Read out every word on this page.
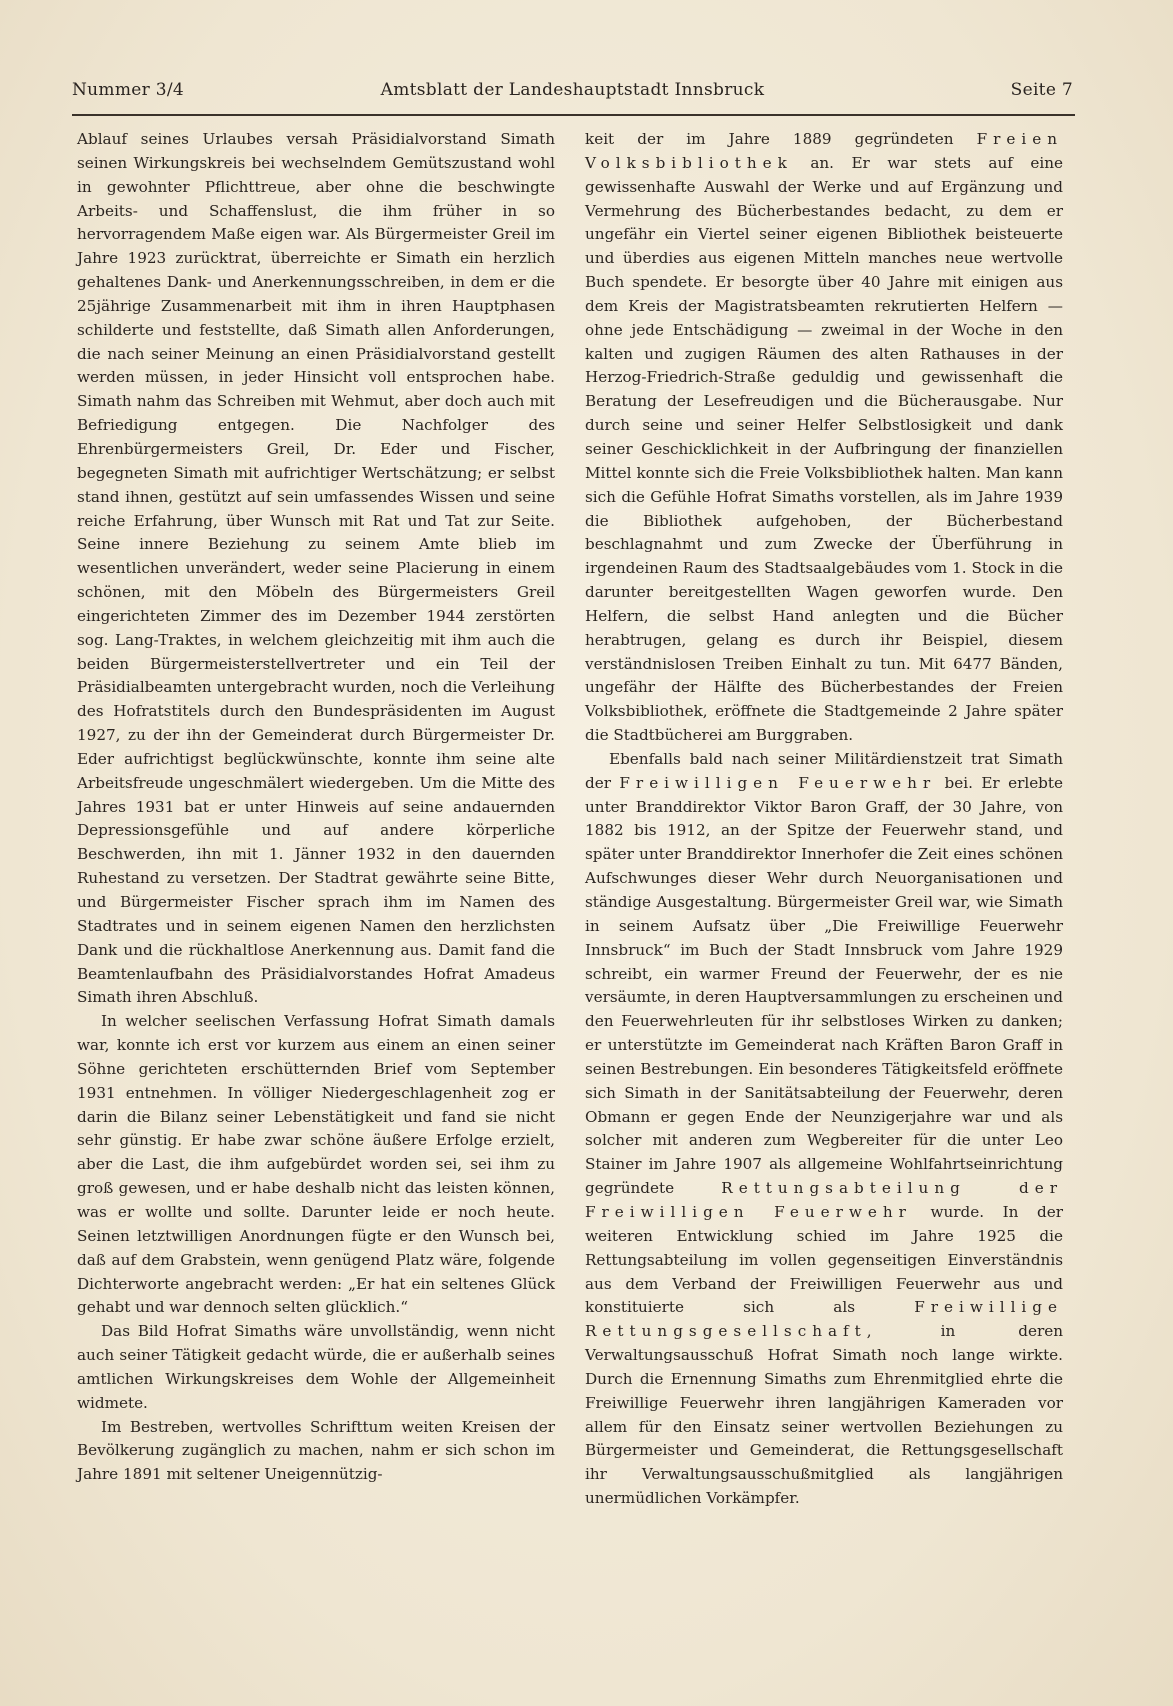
Nummer 3/4	Amtsblatt der Landeshauptstadt Innsbruck	Seite 7

Ablauf seines Urlaubes versah Präsidialvorstand Simath seinen Wirkungskreis bei wechselndem Gemütszustand wohl in gewohnter Pflichttreue, aber ohne die beschwingte Arbeits- und Schaffenslust, die ihm früher in so hervorragendem Maße eigen war. Als Bürgermeister Greil im Jahre 1923 zurücktrat, überreichte er Simath ein herzlich gehaltenes Dank- und Anerkennungsschreiben, in dem er die 25jährige Zusammenarbeit mit ihm in ihren Hauptphasen schilderte und feststellte, daß Simath allen Anforderungen, die nach seiner Meinung an einen Präsidialvorstand gestellt werden müssen, in jeder Hinsicht voll entsprochen habe. Simath nahm das Schreiben mit Wehmut, aber doch auch mit Befriedigung entgegen. Die Nachfolger des Ehrenbürgermeisters Greil, Dr. Eder und Fischer, begegneten Simath mit aufrichtiger Wertschätzung; er selbst stand ihnen, gestützt auf sein umfassendes Wissen und seine reiche Erfahrung, über Wunsch mit Rat und Tat zur Seite. Seine innere Beziehung zu seinem Amte blieb im wesentlichen unverändert, weder seine Placierung in einem schönen, mit den Möbeln des Bürgermeisters Greil eingerichteten Zimmer des im Dezember 1944 zerstörten sog. Lang-Traktes, in welchem gleichzeitig mit ihm auch die beiden Bürgermeisterstellvertreter und ein Teil der Präsidialbeamten untergebracht wurden, noch die Verleihung des Hofratstitels durch den Bundespräsidenten im August 1927, zu der ihn der Gemeinderat durch Bürgermeister Dr. Eder aufrichtigst beglückwünschte, konnte ihm seine alte Arbeitsfreude ungeschmälert wiedergeben. Um die Mitte des Jahres 1931 bat er unter Hinweis auf seine andauernden Depressionsgefühle und auf andere körperliche Beschwerden, ihn mit 1. Jänner 1932 in den dauernden Ruhestand zu versetzen. Der Stadtrat gewährte seine Bitte, und Bürgermeister Fischer sprach ihm im Namen des Stadtrates und in seinem eigenen Namen den herzlichsten Dank und die rückhaltlose Anerkennung aus. Damit fand die Beamtenlaufbahn des Präsidialvorstandes Hofrat Amadeus Simath ihren Abschluß.

In welcher seelischen Verfassung Hofrat Simath damals war, konnte ich erst vor kurzem aus einem an einen seiner Söhne gerichteten erschütternden Brief vom September 1931 entnehmen. In völliger Niedergeschlagenheit zog er darin die Bilanz seiner Lebenstätigkeit und fand sie nicht sehr günstig. Er habe zwar schöne äußere Erfolge erzielt, aber die Last, die ihm aufgebürdet worden sei, sei ihm zu groß gewesen, und er habe deshalb nicht das leisten können, was er wollte und sollte. Darunter leide er noch heute. Seinen letztwilligen Anordnungen fügte er den Wunsch bei, daß auf dem Grabstein, wenn genügend Platz wäre, folgende Dichterworte angebracht werden: „Er hat ein seltenes Glück gehabt und war dennoch selten glücklich.“

Das Bild Hofrat Simaths wäre unvollständig, wenn nicht auch seiner Tätigkeit gedacht würde, die er außerhalb seines amtlichen Wirkungskreises dem Wohle der Allgemeinheit widmete.

Im Bestreben, wertvolles Schrifttum weiten Kreisen der Bevölkerung zugänglich zu machen, nahm er sich schon im Jahre 1891 mit seltener Uneigennützig-

keit der im Jahre 1889 gegründeten Freien Volksbibliothek an. Er war stets auf eine gewissenhafte Auswahl der Werke und auf Ergänzung und Vermehrung des Bücherbestandes bedacht, zu dem er ungefähr ein Viertel seiner eigenen Bibliothek beisteuerte und überdies aus eigenen Mitteln manches neue wertvolle Buch spendete. Er besorgte über 40 Jahre mit einigen aus dem Kreis der Magistratsbeamten rekrutierten Helfern — ohne jede Entschädigung — zweimal in der Woche in den kalten und zugigen Räumen des alten Rathauses in der Herzog-Friedrich-Straße geduldig und gewissenhaft die Beratung der Lesefreudigen und die Bücherausgabe. Nur durch seine und seiner Helfer Selbstlosigkeit und dank seiner Geschicklichkeit in der Aufbringung der finanziellen Mittel konnte sich die Freie Volksbibliothek halten. Man kann sich die Gefühle Hofrat Simaths vorstellen, als im Jahre 1939 die Bibliothek aufgehoben, der Bücherbestand beschlagnahmt und zum Zwecke der Überführung in irgendeinen Raum des Stadtsaalgebäudes vom 1. Stock in die darunter bereitgestellten Wagen geworfen wurde. Den Helfern, die selbst Hand anlegten und die Bücher herabtrugen, gelang es durch ihr Beispiel, diesem verständnislosen Treiben Einhalt zu tun. Mit 6477 Bänden, ungefähr der Hälfte des Bücherbestandes der Freien Volksbibliothek, eröffnete die Stadtgemeinde 2 Jahre später die Stadtbücherei am Burggraben.

Ebenfalls bald nach seiner Militärdienstzeit trat Simath der Freiwilligen Feuerwehr bei. Er erlebte unter Branddirektor Viktor Baron Graff, der 30 Jahre, von 1882 bis 1912, an der Spitze der Feuerwehr stand, und später unter Branddirektor Innerhofer die Zeit eines schönen Aufschwunges dieser Wehr durch Neuorganisationen und ständige Ausgestaltung. Bürgermeister Greil war, wie Simath in seinem Aufsatz über „Die Freiwillige Feuerwehr Innsbruck“ im Buch der Stadt Innsbruck vom Jahre 1929 schreibt, ein warmer Freund der Feuerwehr, der es nie versäumte, in deren Hauptversammlungen zu erscheinen und den Feuerwehrleuten für ihr selbstloses Wirken zu danken; er unterstützte im Gemeinderat nach Kräften Baron Graff in seinen Bestrebungen. Ein besonderes Tätigkeitsfeld eröffnete sich Simath in der Sanitätsabteilung der Feuerwehr, deren Obmann er gegen Ende der Neunzigerjahre war und als solcher mit anderen zum Wegbereiter für die unter Leo Stainer im Jahre 1907 als allgemeine Wohlfahrtseinrichtung gegründete	Rettungsabteilung der Freiwilligen Feuerwehr wurde. In der weiteren Entwicklung schied im Jahre 1925 die Rettungsabteilung im vollen gegenseitigen Einverständnis aus dem Verband der Freiwilligen Feuerwehr aus und konstituierte sich als	Freiwillige Rettungsgesellschaft,	in deren Verwaltungsausschuß Hofrat Simath noch lange wirkte. Durch die Ernennung Simaths zum Ehrenmitglied ehrte die Freiwillige Feuerwehr ihren langjährigen Kameraden vor allem für den Einsatz seiner wertvollen Beziehungen zu Bürgermeister und Gemeinderat, die Rettungsgesellschaft ihr Verwaltungsausschußmitglied als langjährigen unermüdlichen Vorkämpfer.
